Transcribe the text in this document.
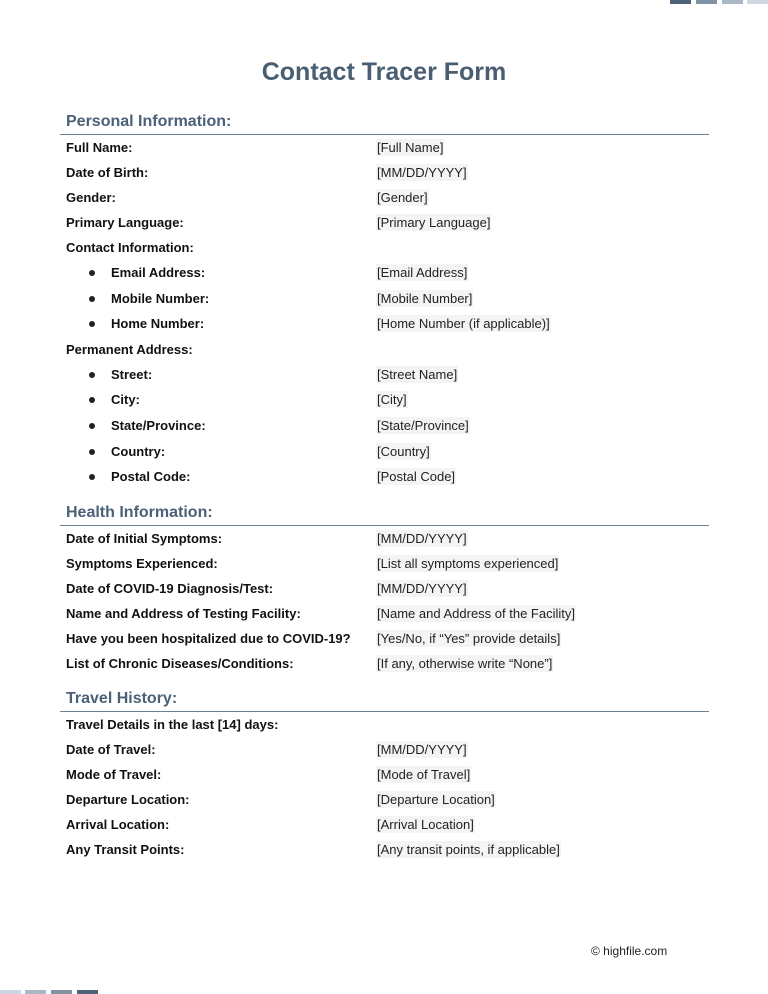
Contact Tracer Form
Personal Information:
Full Name:	[Full Name]
Date of Birth:	[MM/DD/YYYY]
Gender:	[Gender]
Primary Language:	[Primary Language]
Contact Information:
Email Address:	[Email Address]
Mobile Number:	[Mobile Number]
Home Number:	[Home Number (if applicable)]
Permanent Address:
Street:	[Street Name]
City:	[City]
State/Province:	[State/Province]
Country:	[Country]
Postal Code:	[Postal Code]
Health Information:
Date of Initial Symptoms:	[MM/DD/YYYY]
Symptoms Experienced:	[List all symptoms experienced]
Date of COVID-19 Diagnosis/Test:	[MM/DD/YYYY]
Name and Address of Testing Facility:	[Name and Address of the Facility]
Have you been hospitalized due to COVID-19? [Yes/No, if “Yes” provide details]
List of Chronic Diseases/Conditions:	[If any, otherwise write “None”]
Travel History:
Travel Details in the last [14] days:
Date of Travel:	[MM/DD/YYYY]
Mode of Travel:	[Mode of Travel]
Departure Location:	[Departure Location]
Arrival Location:	[Arrival Location]
Any Transit Points:	[Any transit points, if applicable]
© highfile.com
